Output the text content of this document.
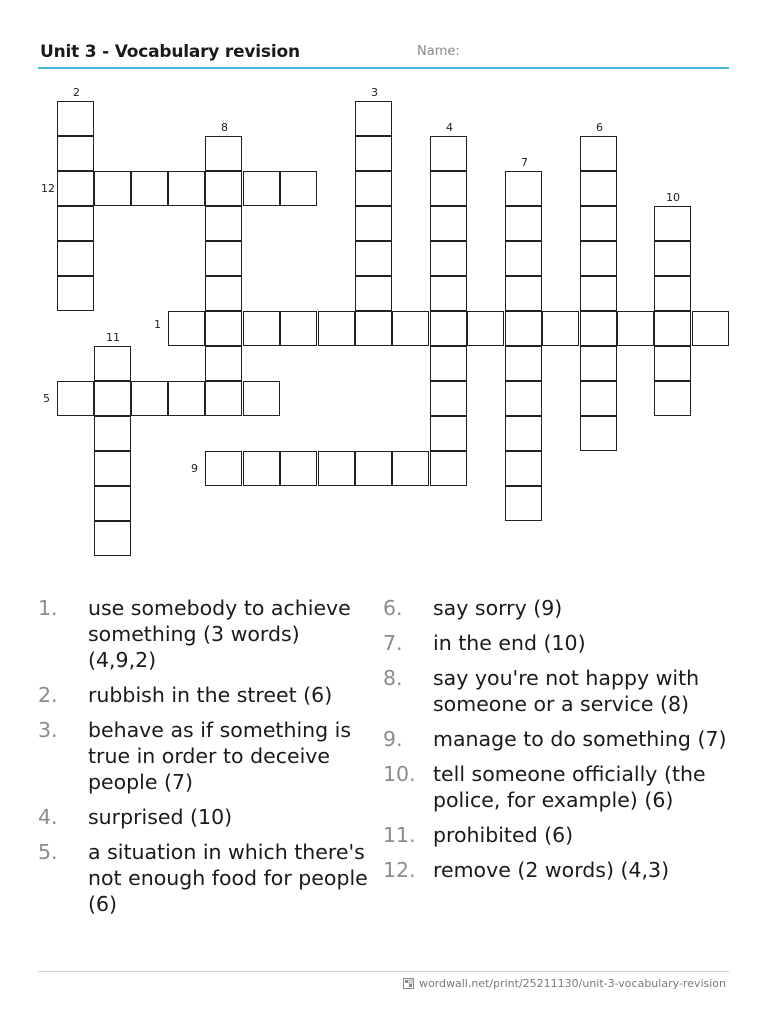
Unit 3 - Vocabulary revision	Name:
1
2	3
4
5
6
7
8
9
10
11
12
1.	use somebody to achieve something (3 words) (4,9,2)
2.	rubbish in the street (6)
3.	behave as if something is true in order to deceive people (7)
4.	surprised (10)
5.	a situation in which there's not enough food for people (6)
6.	say sorry (9)
7.	in the end (10)
8.	say you're not happy with someone or a service (8)
9.	manage to do something (7)
10. tell someone officially (the police, for example) (6)
11. prohibited (6)
12. remove (2 words) (4,3)
wordwall.net/print/25211130/unit-3-vocabulary-revision
